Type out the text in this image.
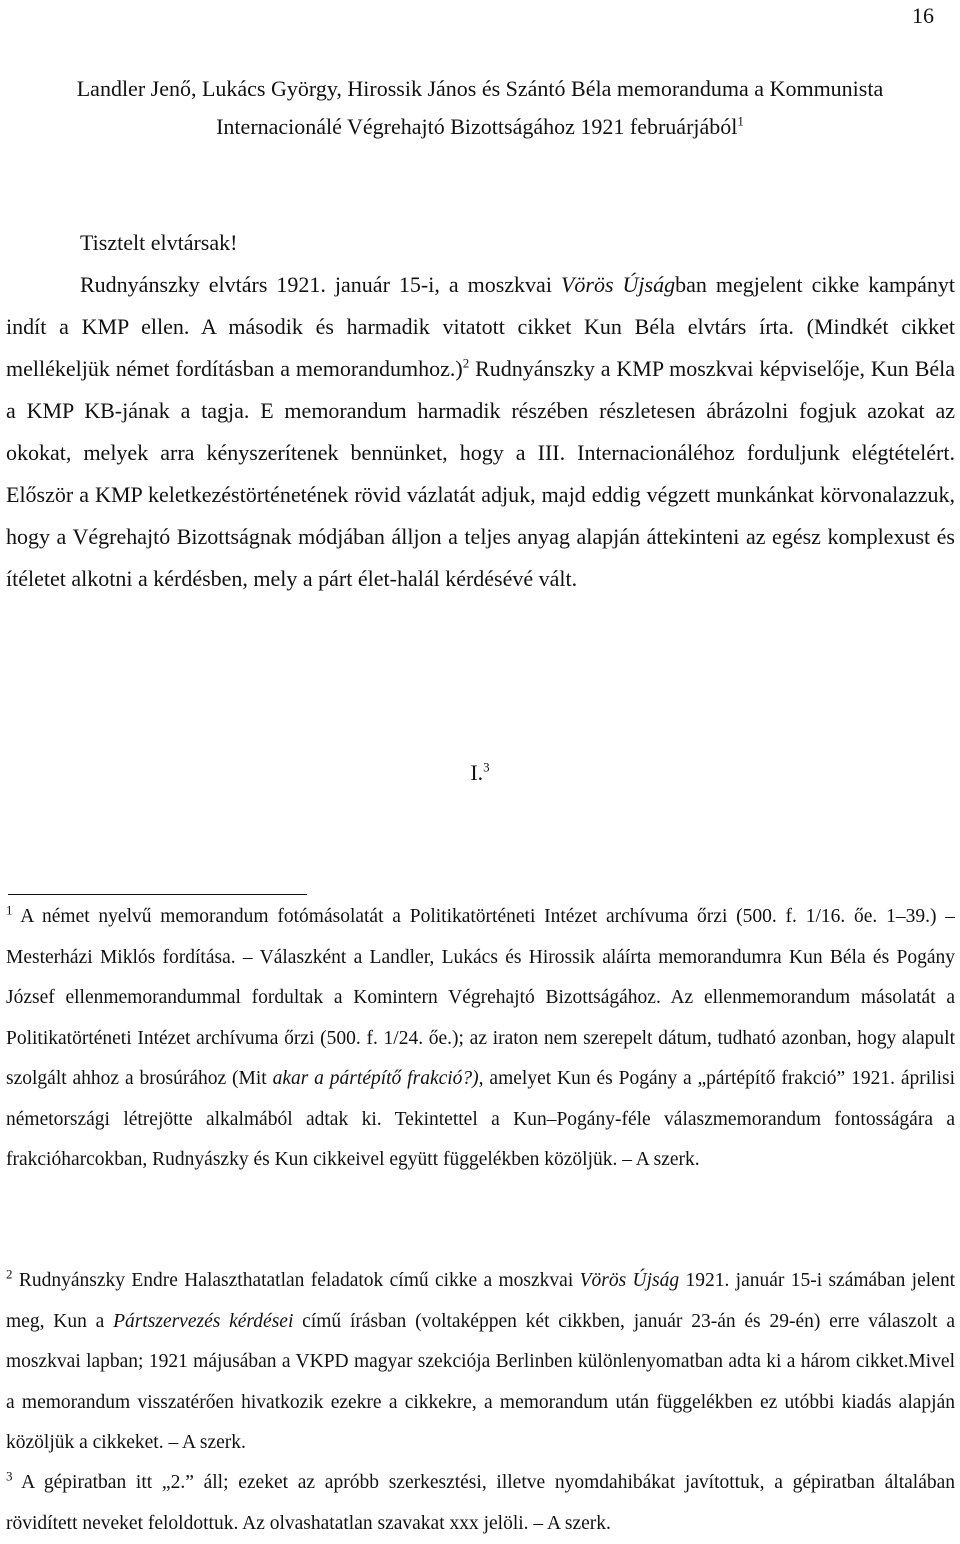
16
Landler Jenő, Lukács György, Hirossik János és Szántó Béla memoranduma a Kommunista
Internacionálé Végrehajtó Bizottságához 1921 februárjából$^1$
Tisztelt elvtársak!

Rudnyánszky elvtárs 1921. január 15-i, a moszkvai Vörös Újságban megjelent cikke kampányt indít a KMP ellen. A második és harmadik vitatott cikket Kun Béla elvtárs írta. (Mindkét cikket mellékeljük német fordításban a memorandumhoz.)$^2$ Rudnyánszky a KMP moszkvai képviselője, Kun Béla a KMP KB-jának a tagja. E memorandum harmadik részében részletesen ábrázolni fogjuk azokat az okokat, melyek arra kényszerítenek bennünket, hogy a III. Internacionáléhoz forduljunk elégtételért. Először a KMP keletkezéstörténetének rövid vázlatát adjuk, majd eddig végzett munkánkat körvonalazzuk, hogy a Végrehajtó Bizottságnak módjában álljon a teljes anyag alapján áttekinteni az egész komplexust és ítéletet alkotni a kérdésben, mely a párt élet-halál kérdésévé vált.

I.$^3$

$^1$ A német nyelvű memorandum fotómásolatát a Politikatörténeti Intézet archívuma őrzi (500. f. 1/16. őe. 1–39.) – Mesterházi Miklós fordítása. – Válaszként a Landler, Lukács és Hirossik aláírta memorandumra Kun Béla és Pogány József ellenmemorandummal fordultak a Komintern Végrehajtó Bizottságához. Az ellenmemorandum másolatát a Politikatörténeti Intézet archívuma őrzi (500. f. 1/24. őe.); az iraton nem szerepelt dátum, tudható azonban, hogy alapult szolgált ahhoz a brosúrához (Mit akar a pártépítő frakció?), amelyet Kun és Pogány a „pártépítő frakció” 1921. áprilisi németországi létrejötte alkalmából adtak ki. Tekintettel a Kun–Pogány-féle válaszmemorandum fontosságára a frakcióharcokban, Rudnyászky és Kun cikkeivel együtt függelékben közöljük. – A szerk.

$^2$ Rudnyánszky Endre Halaszthatatlan feladatok című cikke a moszkvai Vörös Újság 1921. január 15-i számában jelent meg, Kun a Pártszervezés kérdései című írásban (voltaképpen két cikkben, január 23-án és 29-én) erre válaszolt a moszkvai lapban; 1921 májusában a VKPD magyar szekciója Berlinben különlenyomatban adta ki a három cikket.Mivel a memorandum visszatérően hivatkozik ezekre a cikkekre, a memorandum után függelékben ez utóbbi kiadás alapján közöljük a cikkeket. – A szerk.

$^3$ A gépiratban itt „2.” áll; ezeket az apróbb szerkesztési, illetve nyomdahibákat javítottuk, a gépiratban általában rövidített neveket feloldottuk. Az olvashatatlan szavakat xxx jelöli. – A szerk.
